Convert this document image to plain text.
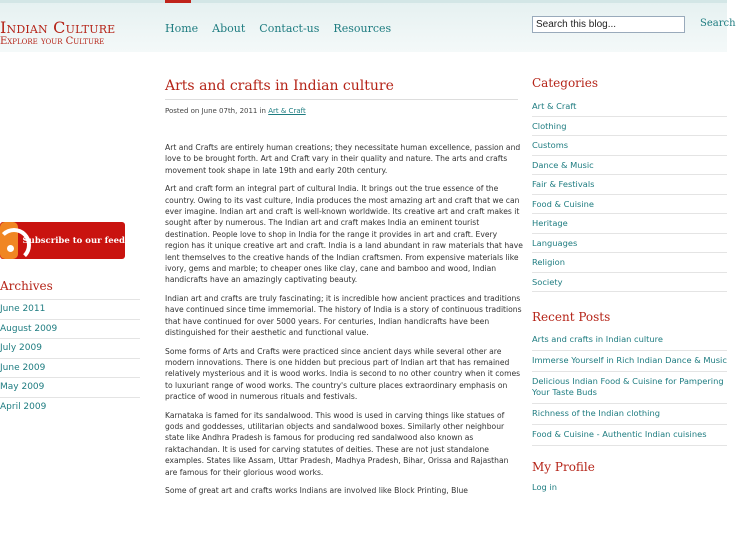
Indian Culture
Explore your Culture
Home About Contact-us Resources
Search this blog...	Search
Subscribe to our feed
Archives
June 2011
August 2009
July 2009
June 2009
May 2009
April 2009
Arts and crafts in Indian culture
Posted on June 07th, 2011 in Art & Craft

Art and Crafts are entirely human creations; they necessitate human excellence, passion and love to be brought forth. Art and Craft vary in their quality and nature. The arts and crafts movement took shape in late 19th and early 20th century.

Art and craft form an integral part of cultural India. It brings out the true essence of the country. Owing to its vast culture, India produces the most amazing art and craft that we can ever imagine. Indian art and craft is well-known worldwide. Its creative art and craft makes it sought after by numerous. The Indian art and craft makes India an eminent tourist destination. People love to shop in India for the range it provides in art and craft. Every region has it unique creative art and craft. India is a land abundant in raw materials that have lent themselves to the creative hands of the Indian craftsmen. From expensive materials like ivory, gems and marble; to cheaper ones like clay, cane and bamboo and wood, Indian handicrafts have an amazingly captivating beauty.

Indian art and crafts are truly fascinating; it is incredible how ancient practices and traditions have continued since time immemorial. The history of India is a story of continuous traditions that have continued for over 5000 years. For centuries, Indian handicrafts have been distinguished for their aesthetic and functional value.

Some forms of Arts and Crafts were practiced since ancient days while several other are modern innovations. There is one hidden but precious part of Indian art that has remained relatively mysterious and it is wood works. India is second to no other country when it comes to luxuriant range of wood works. The country's culture places extraordinary emphasis on practice of wood in numerous rituals and festivals.

Karnataka is famed for its sandalwood. This wood is used in carving things like statues of gods and goddesses, utilitarian objects and sandalwood boxes. Similarly other neighbour state like Andhra Pradesh is famous for producing red sandalwood also known as raktachandan. It is used for carving statutes of deities. These are not just standalone examples. States like Assam, Uttar Pradesh, Madhya Pradesh, Bihar, Orissa and Rajasthan are famous for their glorious wood works.

Some of great art and crafts works Indians are involved like Block Printing, Blue

Categories
Art & Craft
Clothing
Customs
Dance & Music
Fair & Festivals
Food & Cuisine
Heritage
Languages
Religion
Society
Recent Posts
Arts and crafts in Indian culture
Immerse Yourself in Rich Indian Dance & Music
Delicious Indian Food & Cuisine for Pampering Your Taste Buds
Richness of the Indian clothing
Food & Cuisine - Authentic Indian cuisines
My Profile
Log in
